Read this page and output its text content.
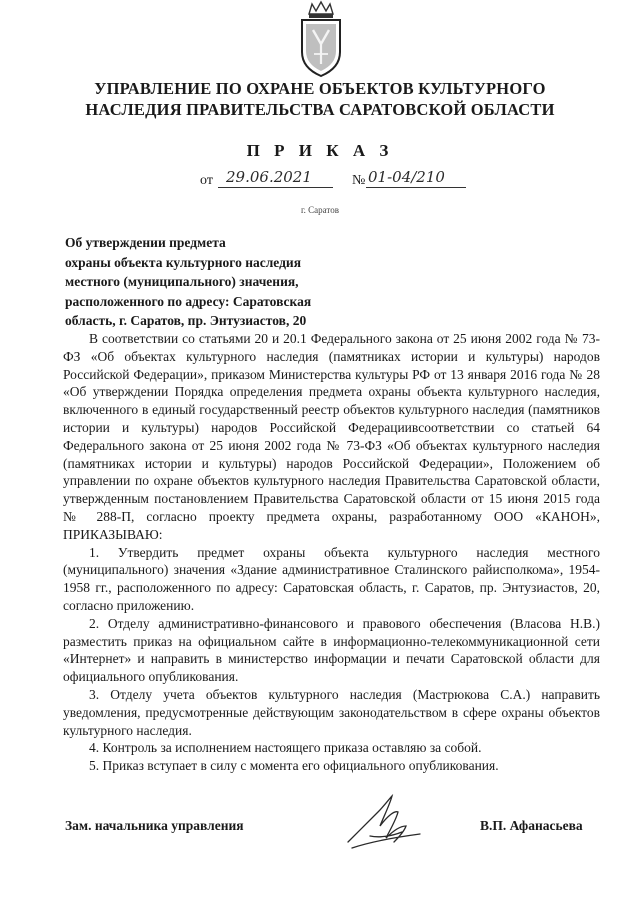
УПРАВЛЕНИЕ ПО ОХРАНЕ ОБЪЕКТОВ КУЛЬТУРНОГО
НАСЛЕДИЯ ПРАВИТЕЛЬСТВА САРАТОВСКОЙ ОБЛАСТИ
П Р И К А З
от 29.06.2021	№ 01-04/210
г. Саратов
Об утверждении предмета
охраны объекта культурного наследия
местного (муниципального) значения,
расположенного по адресу: Саратовская
область, г. Саратов, пр. Энтузиастов, 20

В соответствии со статьями 20 и 20.1 Федерального закона от 25 июня 2002 года № 73-ФЗ «Об объектах культурного наследия (памятниках истории и культуры) народов Российской Федерации», приказом Министерства культуры РФ от 13 января 2016 года № 28 «Об утверждении Порядка определения предмета охраны объекта культурного наследия, включенного в единый государственный реестр объектов культурного наследия (памятников истории и культуры) народов Российской Федерациивсоответствии со статьей 64 Федерального закона от 25 июня 2002 года № 73-ФЗ «Об объектах культурного наследия (памятниках истории и культуры) народов Российской Федерации», Положением об управлении по охране объектов культурного наследия Правительства Саратовской области, утвержденным постановлением Правительства Саратовской области от 15 июня 2015 года № 288-П, согласно проекту предмета охраны, разработанному ООО «КАНОН», ПРИКАЗЫВАЮ:

1. Утвердить предмет охраны объекта культурного наследия местного (муниципального) значения «Здание административное Сталинского райисполкома», 1954-1958 гг., расположенного по адресу: Саратовская область, г. Саратов, пр. Энтузиастов, 20, согласно приложению.

2. Отделу административно-финансового и правового обеспечения (Власова Н.В.) разместить приказ на официальном сайте в информационно-телекоммуникационной сети «Интернет» и направить в министерство информации и печати Саратовской области для официального опубликования.

3. Отделу учета объектов культурного наследия (Мастрюкова С.А.) направить уведомления, предусмотренные действующим законодательством в сфере охраны объектов культурного наследия.

4. Контроль за исполнением настоящего приказа оставляю за собой.

5. Приказ вступает в силу с момента его официального опубликования.

Зам. начальника управления	В.П. Афанасьева
